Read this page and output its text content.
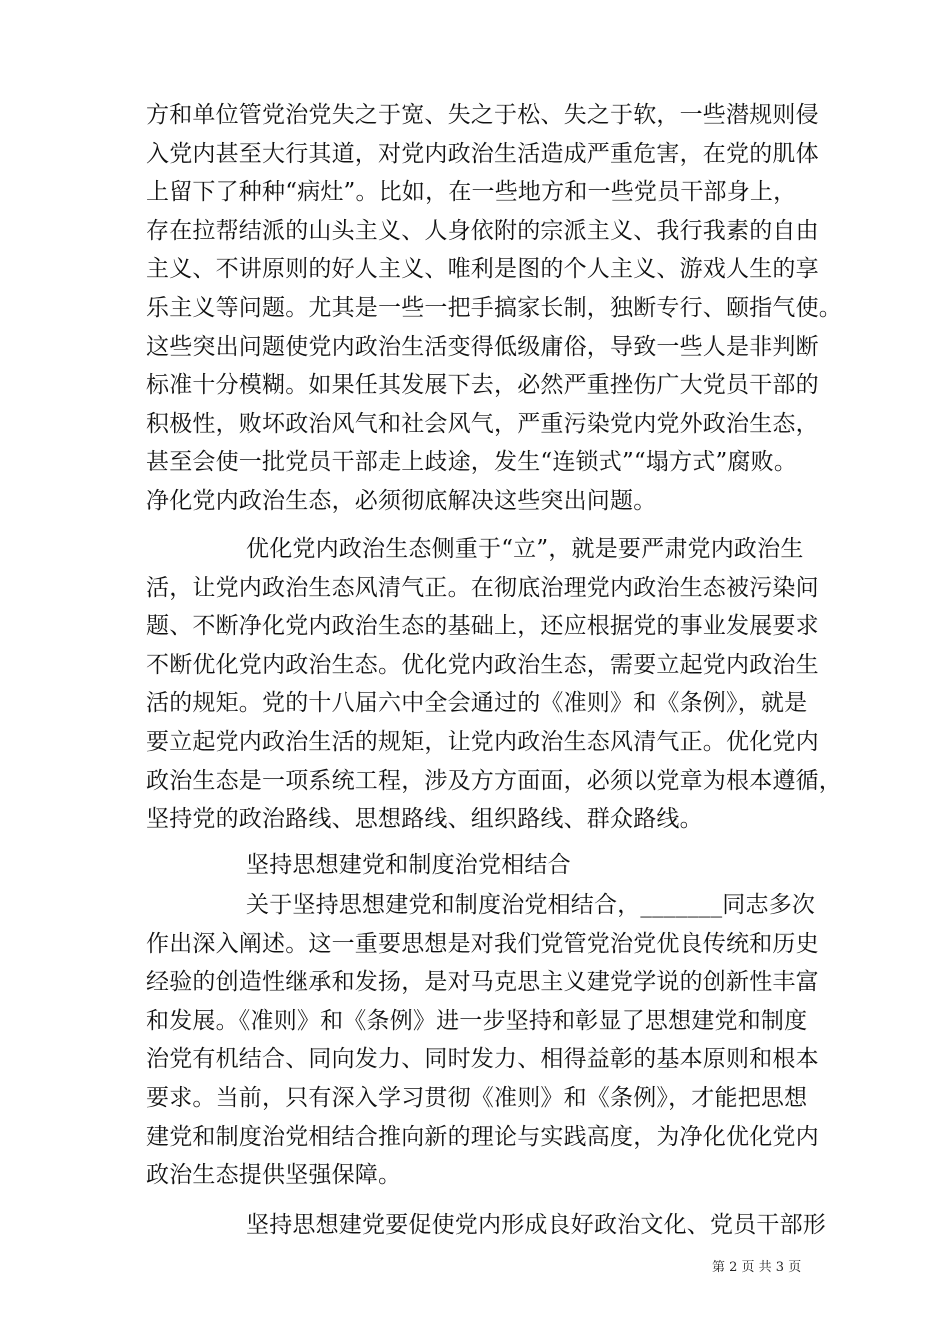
方和单位管党治党失之于宽、失之于松、失之于软，一些潜规则侵
入党内甚至大行其道，对党内政治生活造成严重危害，在党的肌体
上留下了种种“病灶”。比如，在一些地方和一些党员干部身上，
存在拉帮结派的山头主义、人身依附的宗派主义、我行我素的自由
主义、不讲原则的好人主义、唯利是图的个人主义、游戏人生的享
乐主义等问题。尤其是一些一把手搞家长制，独断专行、颐指气使。
这些突出问题使党内政治生活变得低级庸俗，导致一些人是非判断
标准十分模糊。如果任其发展下去，必然严重挫伤广大党员干部的
积极性，败坏政治风气和社会风气，严重污染党内党外政治生态，
甚至会使一批党员干部走上歧途，发生“连锁式”“塌方式”腐败。
净化党内政治生态，必须彻底解决这些突出问题。
优化党内政治生态侧重于“立”，就是要严肃党内政治生
活，让党内政治生态风清气正。在彻底治理党内政治生态被污染问
题、不断净化党内政治生态的基础上，还应根据党的事业发展要求
不断优化党内政治生态。优化党内政治生态，需要立起党内政治生
活的规矩。党的十八届六中全会通过的《准则》和《条例》，就是
要立起党内政治生活的规矩，让党内政治生态风清气正。优化党内
政治生态是一项系统工程，涉及方方面面，必须以党章为根本遵循，
坚持党的政治路线、思想路线、组织路线、群众路线。
坚持思想建党和制度治党相结合
关于坚持思想建党和制度治党相结合，_______同志多次
作出深入阐述。这一重要思想是对我们党管党治党优良传统和历史
经验的创造性继承和发扬，是对马克思主义建党学说的创新性丰富
和发展。《准则》和《条例》进一步坚持和彰显了思想建党和制度
治党有机结合、同向发力、同时发力、相得益彰的基本原则和根本
要求。当前，只有深入学习贯彻《准则》和《条例》，才能把思想
建党和制度治党相结合推向新的理论与实践高度，为净化优化党内
政治生态提供坚强保障。
坚持思想建党要促使党内形成良好政治文化、党员干部形
第 2 页 共 3 页
